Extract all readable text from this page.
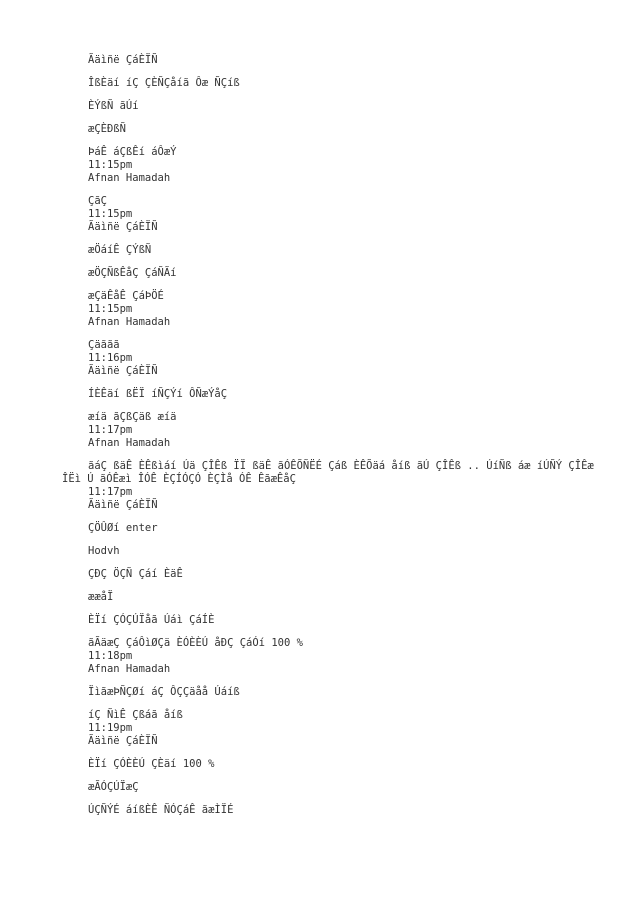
Ãäìñë ÇáÈÏÑ
ÎßÈäí íÇ ÇÈÑÇåíã Ôæ ÑÇíß
ÈÝßÑ ãÚí
æÇÈÐßÑ
ÞáÊ áÇßÊí áÔæÝ
11:15pm
Afnan Hamadah
ÇãÇ
11:15pm
Ãäìñë ÇáÈÏÑ
æÖáíÊ ÇÝßÑ
æÖÇÑßÊåÇ ÇáÑÃí
æÇäÊåÊ ÇáÞÖÉ
11:15pm
Afnan Hamadah
Çäããã
11:16pm
Ãäìñë ÇáÈÏÑ
ÍÈÊäí ßËÏ íÑÇÝí ÔÑæÝåÇ
æíä ãÇßÇäß æíä
11:17pm
Afnan Hamadah
ãáÇ ßäÊ ÈÊßìáí Úä ÇÎÊß ÏÏ ßäÊ ãÓÊÕÑËÉ Çáß ÈÊÕäá åíß ãÚ ÇÎÊß .. ÚíÑß áæ íÚÑÝ ÇÎÊæ ÎËì Ú ãÓÊæì ÎÓÊ ÈÇÍÓÇÓ ÈÇÌå ÓÊ ÊãæÊåÇ
11:17pm
Ãäìñë ÇáÈÏÑ
ÇÖÛØí enter
Hodvh
ÇÐÇ ÖÇÑ Çáí ÈäÊ
ææåÏ
ÈÏí ÇÓÇÚÏåã Úáì ÇáÍÈ
ãÃäæÇ ÇáÔìØÇä ÈÓÈÈÚ åÐÇ ÇáÓí 100 %
11:18pm
Afnan Hamadah
ÏìãæÞÑÇØí áÇ ÔÇÇäåå Úáíß
íÇ ÑìÊ Çßáã åíß
11:19pm
Ãäìñë ÇáÈÏÑ
ÈÏí ÇÓÈÈÚ ÇÈäí 100 %
æÃÓÇÚÏæÇ
ÚÇÑÝÉ áíßÈÊ ÑÓÇáÊ ãæÌÏÉ
